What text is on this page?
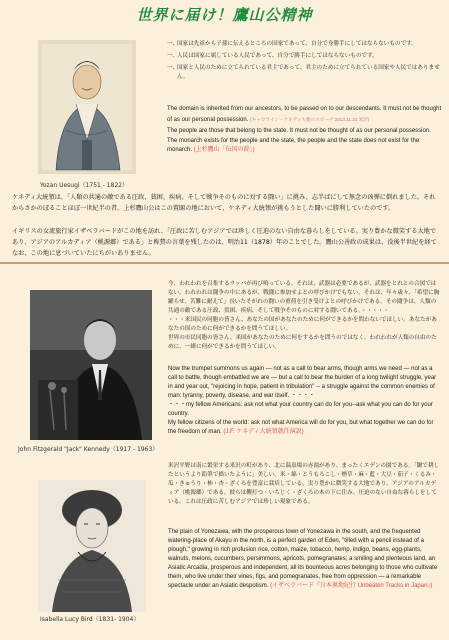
世界に届け！鷹山公精神
Yozan Uesugi（1751 - 1822）
一、
国家は先祖から子孫に伝えるところの国家であって、自分で身勝手にしてはならないものです。
一、
人民は国家に属している人民であって、自分で勝手にしてはならないものです。
一、
国家と人民のために立てられている君主であって、君主のために立てられている国家や人民ではありません。
The domain is inherited from our ancestors, to be passed on to our descendants. It must not be thought of as our personal possession. (キャロライン・ケネディ大使のスピーチ 2013.11.21 米沢)
The people are those that belong to the state. It must not be thought of as our personal possession. The monarch exists for the people and the state, the people and the state does not exist for the monarch. (上杉鷹山「伝国の辞」)
ケネディ大統領は、「人類の共通の敵である圧政、貧困、疾病、そして戦争そのものに対する闘い」に挑み、志半ばにして無念の凶弾に倒れました。それからさかのぼることほぼ一世紀半の昔、上杉鷹山公はこの置賜の地において、ケネディ大統領が挑もうとした闘いに勝利していたのです。
イギリスの女流旅行家イザベラバードがこの地を訪れ、「圧政に苦しむアジアでは珍しく圧迫のない自由な暮らしをしている。実り豊かな微笑する大地であり、アジアのアルカディア（桃源郷）である」と称賛の言葉を残したのは、明治11（1878）年のことでした。鷹山公善政の成果は、没後半世紀を経てなお、この地に息づいていたにちがいありません。
John Fitzgerald "Jack" Kennedy（1917 - 1963）
今、われわれを召集するラッパが再び鳴っている。それは、武器は必要であるが、武器をとれとの合図ではない。われわれは闘争の中にあるが、戦闘に参加せよとの呼びかけでもない。それは、年々歳々、「希望に胸躍らせ、苦難に耐えて」長いたそがれの闘いの重荷を引き受けよとの呼びかけである。その闘争は、人類の共通の敵である圧政、貧困、疾病、そして戦争そのものに対する闘いである。・・・・・
・・・米国民の同胞の皆さん、あなたの国があなたのために何ができるかを問わないでほしい。あなたがあなたの国のために何ができるかを問うてほしい。
世界の市民同胞の皆さん、米国があなたのために何をするかを問うのではなく、われわれが人類の自由のために、一緒に何ができるかを問うてほしい。
Now the trumpet summons us again — not as a call to bear arms, though arms we need — not as a call to battle, though embattled we are — but a call to bear the burden of a long twilight struggle, year in and year out, "rejoicing in hope, patient in tribulation" -- a struggle against the common enemies of man: tyranny, poverty, disease, and war itself. ・・・・
・・・my fellow Americans: ask not what your country can do for you--ask what you can do for your country.
My fellow citizens of the world: ask not what America will do for you, but what together we can do for the freedom of man. (J.F. ケネディ大統領就任演説)
Isabella Lucy Bird（1831- 1904）
米沢平野は南に繁栄する米沢の町があり、北に温泉場の赤湯があり、まったくエデンの園である。「鍬で耕したというより鉛筆で描いたように」美しい。米・綿・とうもろこし・煙草・麻・藍・大豆・茄子・くるみ・瓜・きゅうり・柿・杏・ざくろを豊富に栽培している。実り豊かに微笑する大地であり、アジアのアルカディア（桃源郷）である。彼らは鞭打つ・いちじく・ざくろの木の下に住み、圧迫のない自由な暮らしをしている。これは圧政に苦しむアジアでは珍しい現象である。
The plain of Yonezawa, with the prosperous town of Yonezawa in the south, and the frequented watering-place of Akayu in the north, is a perfect garden of Eden, "tilled with a pencil instead of a plough," growing in rich profusion rice, cotton, maize, tobacco, hemp, indigo, beans, egg-plants, walnuts, melons, cucumbers, persimmons, apricots, pomegranates; a smiling and plenteous land, an Asiatic Arcadia, prosperous and independent, all its bounteous acres belonging to those who cultivate them, who live under their vines, figs, and pomegranates, free from oppression — a remarkable spectacle under an Asiatic despotism. (イザベラバード『日本奥地紀行 Unbeaten Tracks in Japan』)
